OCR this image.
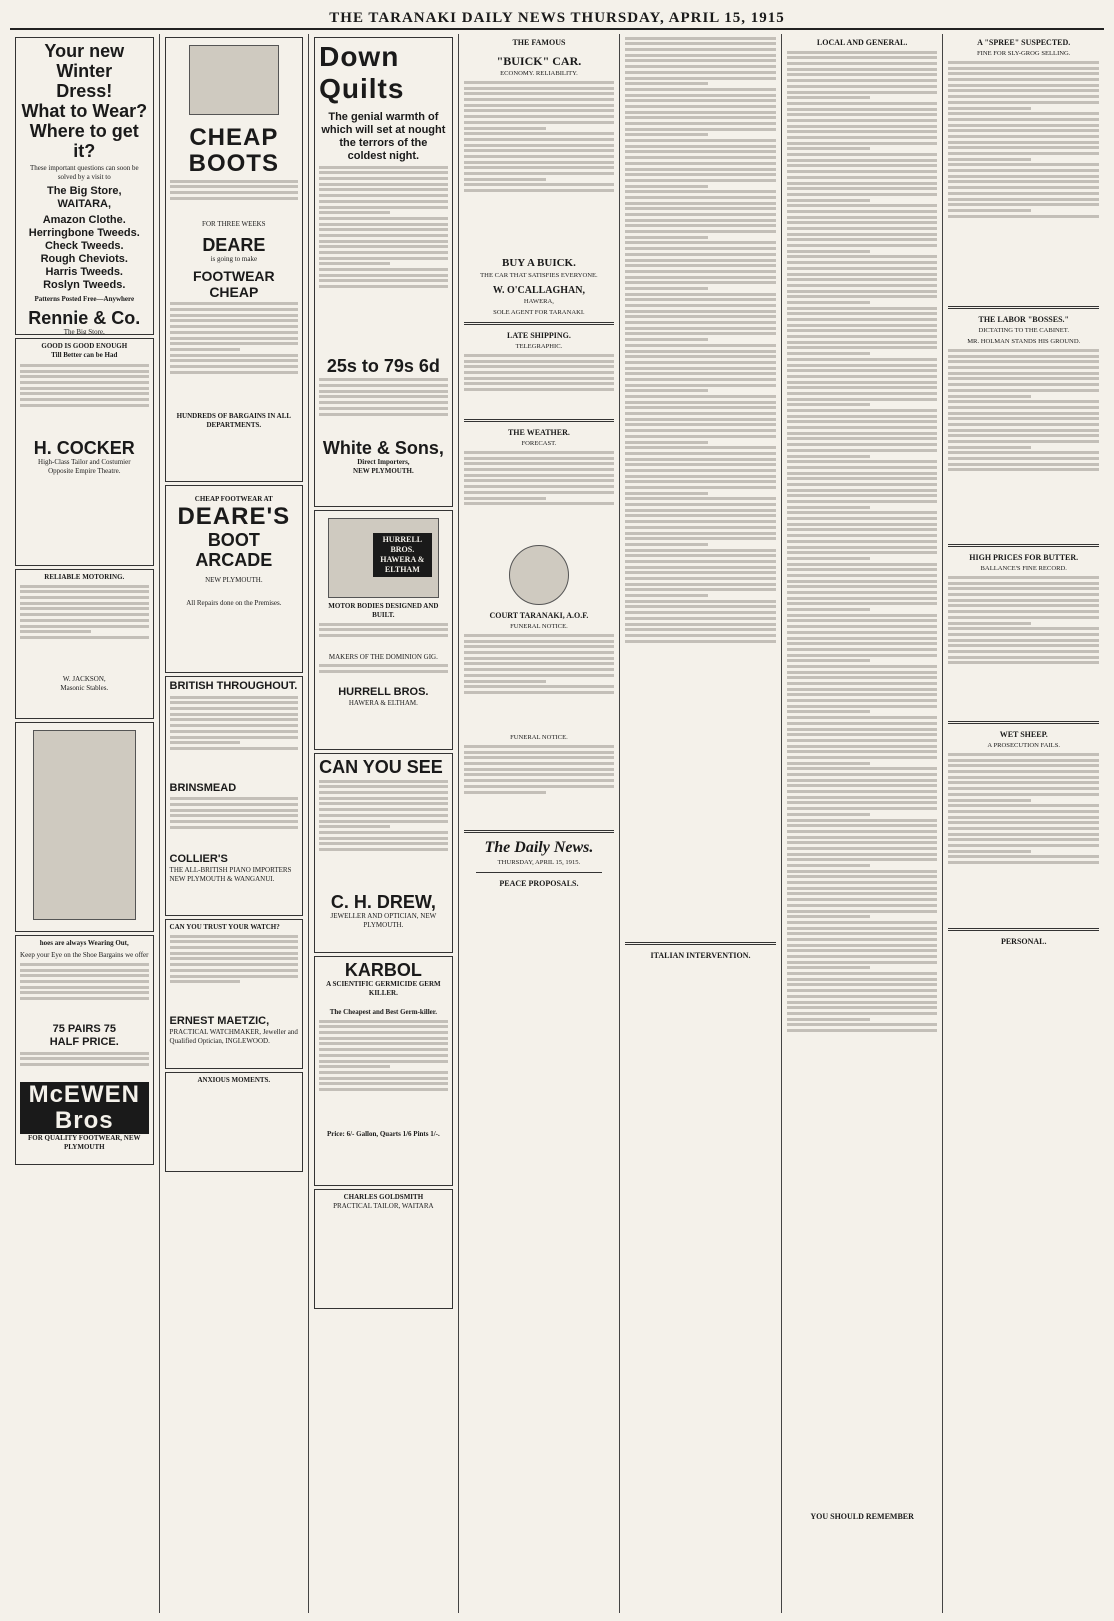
THE TARANAKI DAILY NEWS THURSDAY, APRIL 15, 1915
Your new Winter
Dress!
What to Wear?
Where to get it?
These important questions can soon be solved by a visit to
The Big Store,
WAITARA,
Amazon Clothe.
Herringbone Tweeds.
Check Tweeds.
Rough Cheviots.
Harris Tweeds.
Roslyn Tweeds.
Patterns Posted Free—Anywhere
Rennie & Co.
The Big Store,
GOOD IS GOOD ENOUGH
Till Better can be Had
H. COCKER
High-Class Tailor and Costumier
Opposite Empire Theatre.
RELIABLE MOTORING.
W. JACKSON,
Masonic Stables.
hoes are always Wearing Out,
Keep your Eye on the Shoe Bargains we offer
75 PAIRS 75
HALF PRICE.
McEWEN Bros
FOR QUALITY FOOTWEAR, NEW PLYMOUTH
CHEAP
BOOTS
FOR THREE WEEKS
DEARE
is going to make
FOOTWEAR CHEAP
HUNDREDS OF BARGAINS IN ALL DEPARTMENTS.
CHEAP FOOTWEAR AT
DEARE'S
BOOT ARCADE
NEW PLYMOUTH.
All Repairs done on the Premises.
BRITISH THROUGHOUT.
BRINSMEAD
COLLIER'S
THE ALL-BRITISH PIANO IMPORTERS NEW PLYMOUTH & WANGANUI.
CAN YOU TRUST YOUR WATCH?
ERNEST MAETZIC,
PRACTICAL WATCHMAKER, Jeweller and Qualified Optician, INGLEWOOD.
ANXIOUS MOMENTS.
Down Quilts
The genial warmth of which will set at nought the terrors of the coldest night.
25s to 79s 6d
White & Sons,
Direct Importers,
NEW PLYMOUTH.
HURRELL BROS. HAWERA & ELTHAM
MOTOR BODIES DESIGNED AND BUILT.
MAKERS OF THE DOMINION GIG.
HURRELL BROS.
HAWERA & ELTHAM.
CAN YOU SEE
C. H. DREW,
JEWELLER AND OPTICIAN, NEW PLYMOUTH.
KARBOL
A SCIENTIFIC GERMICIDE GERM KILLER.
The Cheapest and Best Germ-killer.
Price: 6/- Gallon, Quarts 1/6 Pints 1/-.
CHARLES GOLDSMITH
PRACTICAL TAILOR, WAITARA
THE FAMOUS
"BUICK" CAR.
ECONOMY. RELIABILITY.
BUY A BUICK.
THE CAR THAT SATISFIES EVERYONE.
W. O'CALLAGHAN,
HAWERA,
SOLE AGENT FOR TARANAKI.
LATE SHIPPING.
TELEGRAPHIC.
THE WEATHER.
FORECAST.
COURT TARANAKI, A.O.F.
FUNERAL NOTICE.
FUNERAL NOTICE.
The Daily News.
THURSDAY, APRIL 15, 1915.
PEACE PROPOSALS.
ITALIAN INTERVENTION.
LOCAL AND GENERAL.
YOU SHOULD REMEMBER
A "SPREE" SUSPECTED.
FINE FOR SLY-GROG SELLING.
THE LABOR "BOSSES."
DICTATING TO THE CABINET.
MR. HOLMAN STANDS HIS GROUND.
HIGH PRICES FOR BUTTER.
BALLANCE'S FINE RECORD.
WET SHEEP.
A PROSECUTION FAILS.
PERSONAL.
